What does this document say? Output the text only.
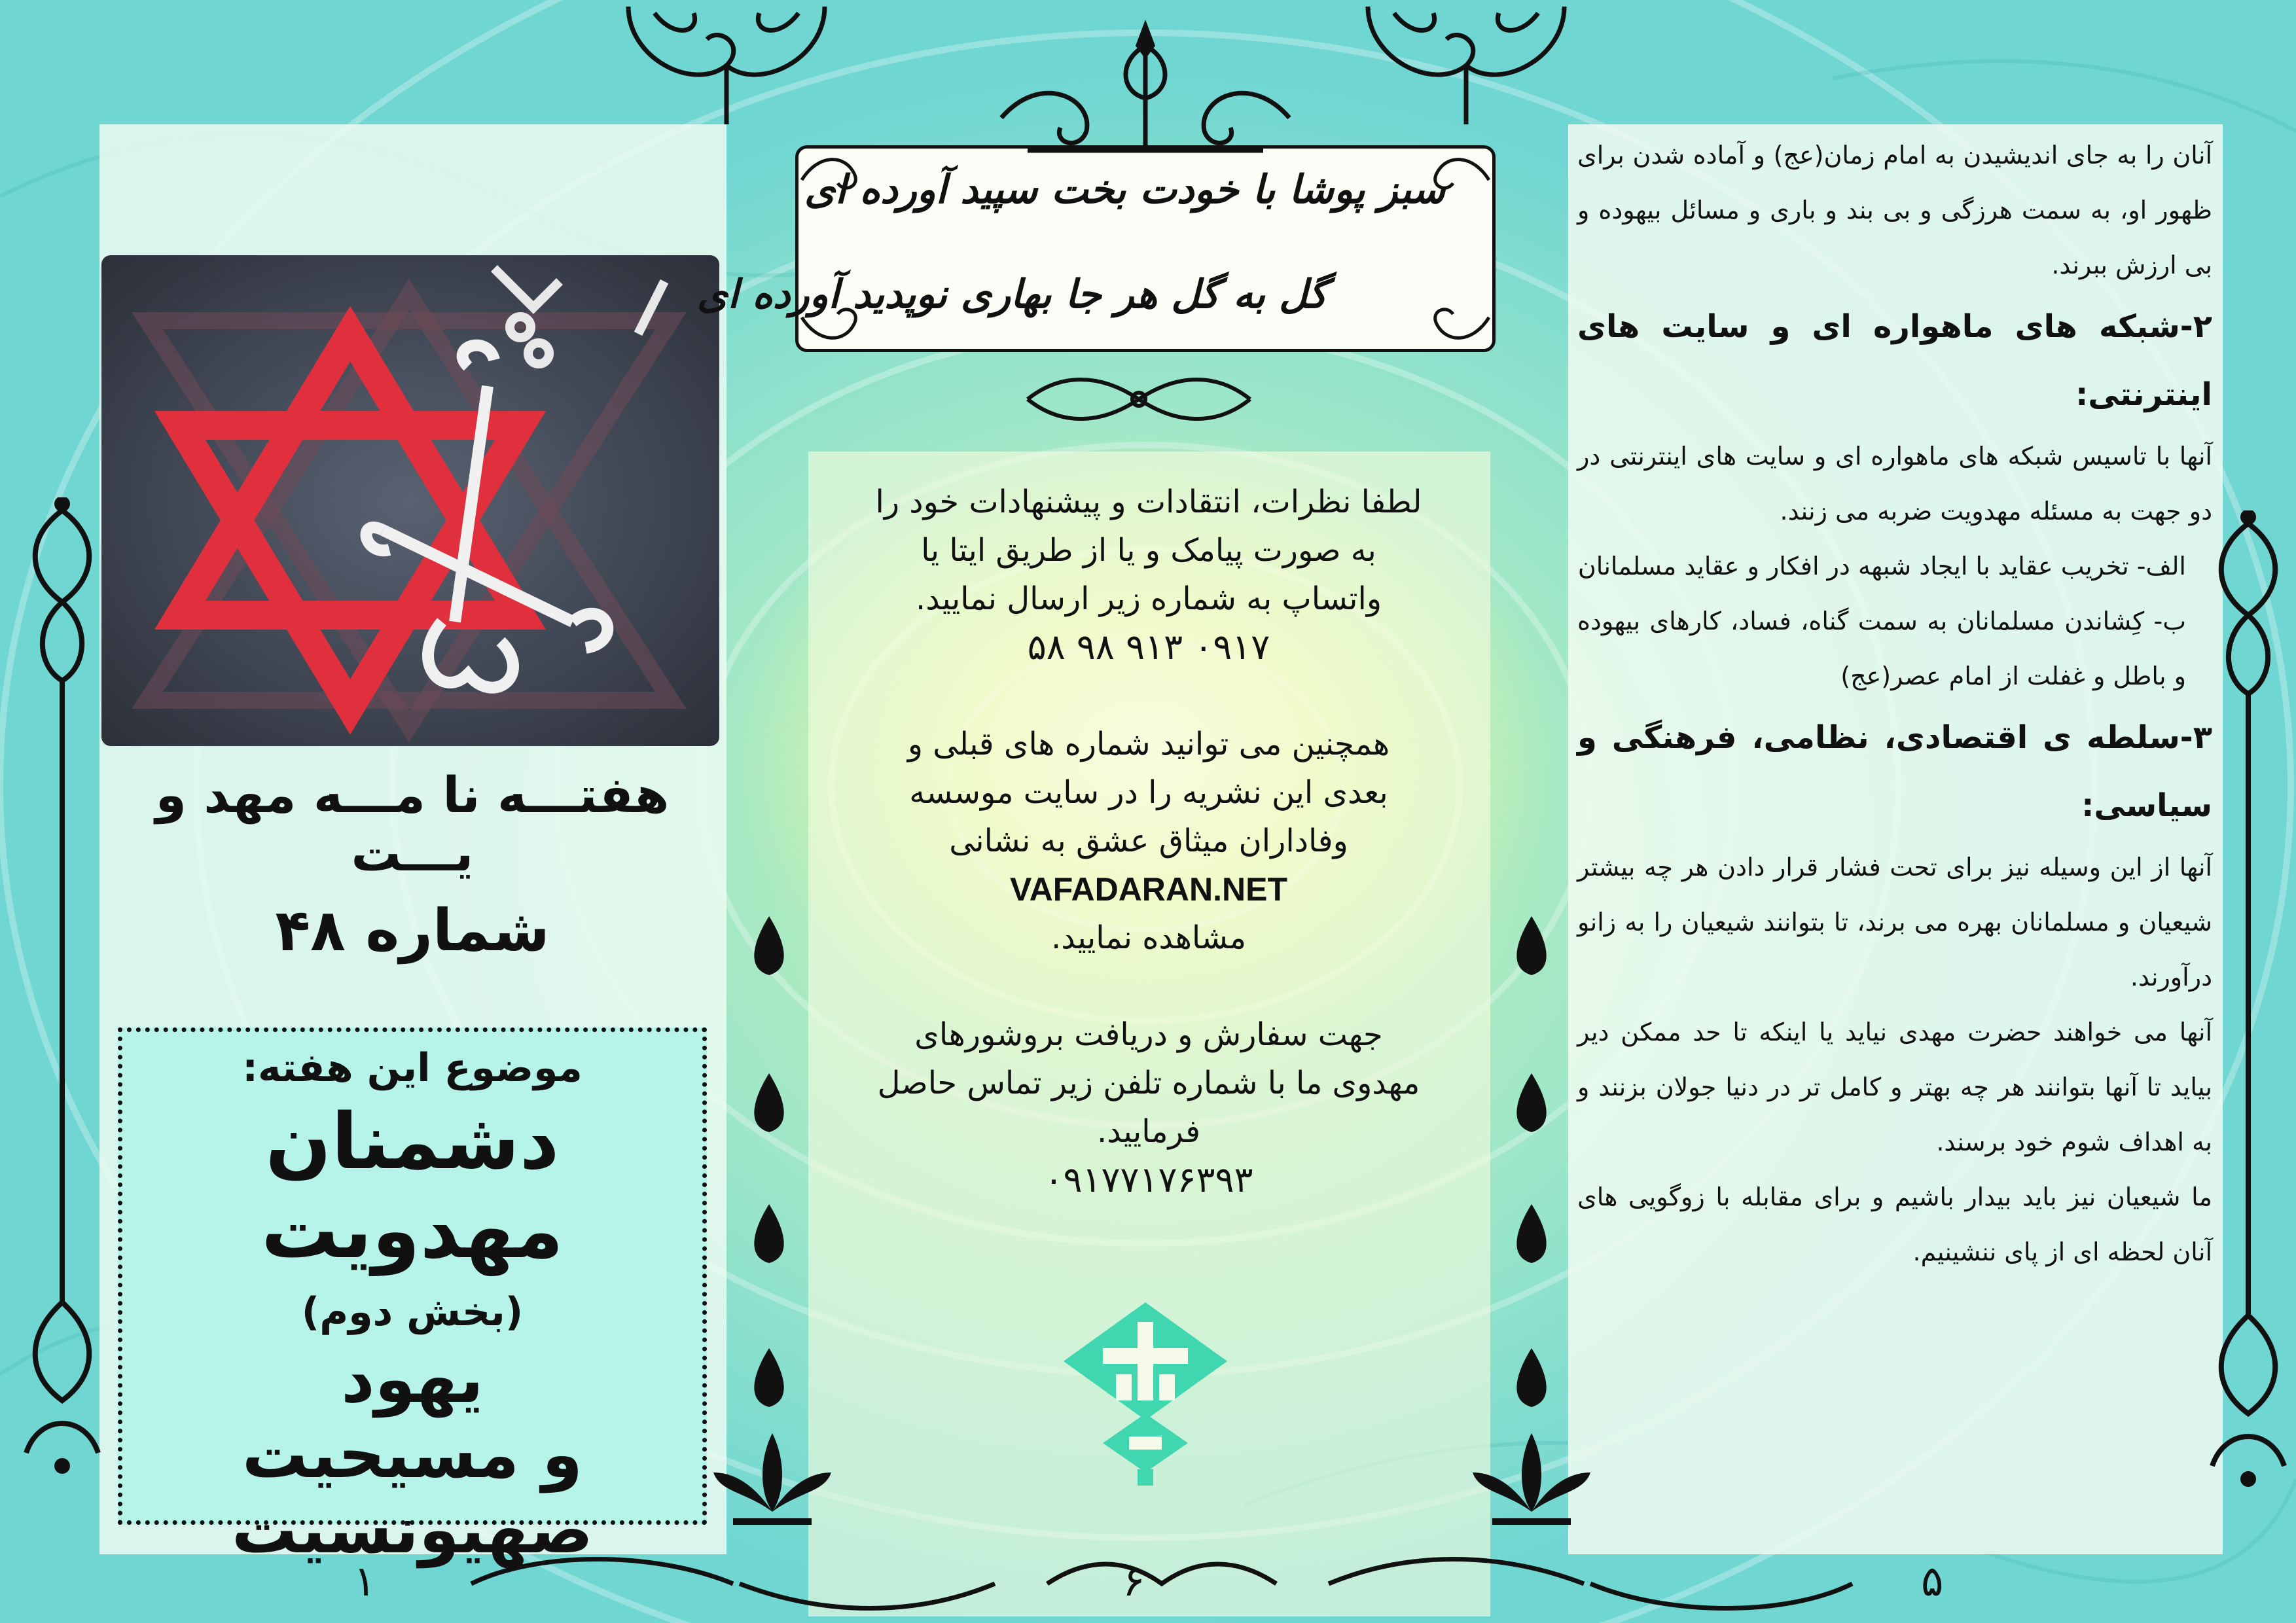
هفتـــه نا مـــه مهد و یـــت
شماره ۴۸
موضوع این هفته:
دشمنان مهدویت
(بخش دوم)
یهود
و مسیحیت صهیونسیت
سبز پوشا با خودت بخت سپید آورده ای
گل به گل هر جا بهاری نوپدید آورده ای

لطفا نظرات، انتقادات و پیشنهادات خود را

به صورت پیامک و یا از طریق ایتا یا

واتساپ به شماره زیر ارسال نمایید.

۰۹۱۷ ۹۱۳ ۹۸ ۵۸

همچنین می توانید شماره های قبلی و

بعدی این نشریه را در سایت موسسه

وفاداران میثاق عشق به نشانی

VAFADARAN.NET

مشاهده نمایید.

جهت سفارش و دریافت بروشورهای

مهدوی ما با شماره تلفن زیر تماس حاصل

فرمایید.

۰۹۱۷۷۱۷۶۳۹۳

آنان را به جای اندیشیدن به امام زمان(عج) و آماده شدن برای ظهور او، به سمت هرزگی و بی بند و باری و مسائل بیهوده و بی ارزش ببرند.

۲-شبکه های ماهواره ای و سایت های اینترنتی:

آنها با تاسیس شبکه های ماهواره ای و سایت های اینترنتی در دو جهت به مسئله مهدویت ضربه می زنند.

الف- تخریب عقاید با ایجاد شبهه در افکار و عقاید مسلمانان

ب- کِشاندن مسلمانان به سمت گناه، فساد، کارهای بیهوده و باطل و غفلت از امام عصر(عج)

۳-سلطه ی اقتصادی، نظامی، فرهنگی و سیاسی:

آنها از این وسیله نیز برای تحت فشار قرار دادن هر چه بیشتر شیعیان و مسلمانان بهره می برند، تا بتوانند شیعیان را به زانو درآورند.

آنها می خواهند حضرت مهدی نیاید یا اینکه تا حد ممکن دیر بیاید تا آنها بتوانند هر چه بهتر و کامل تر در دنیا جولان بزنند و به اهداف شوم خود برسند.

ما شیعیان نیز باید بیدار باشیم و برای مقابله با زوگویی های آنان لحظه ای از پای ننشینیم.

۱	۶	۵
